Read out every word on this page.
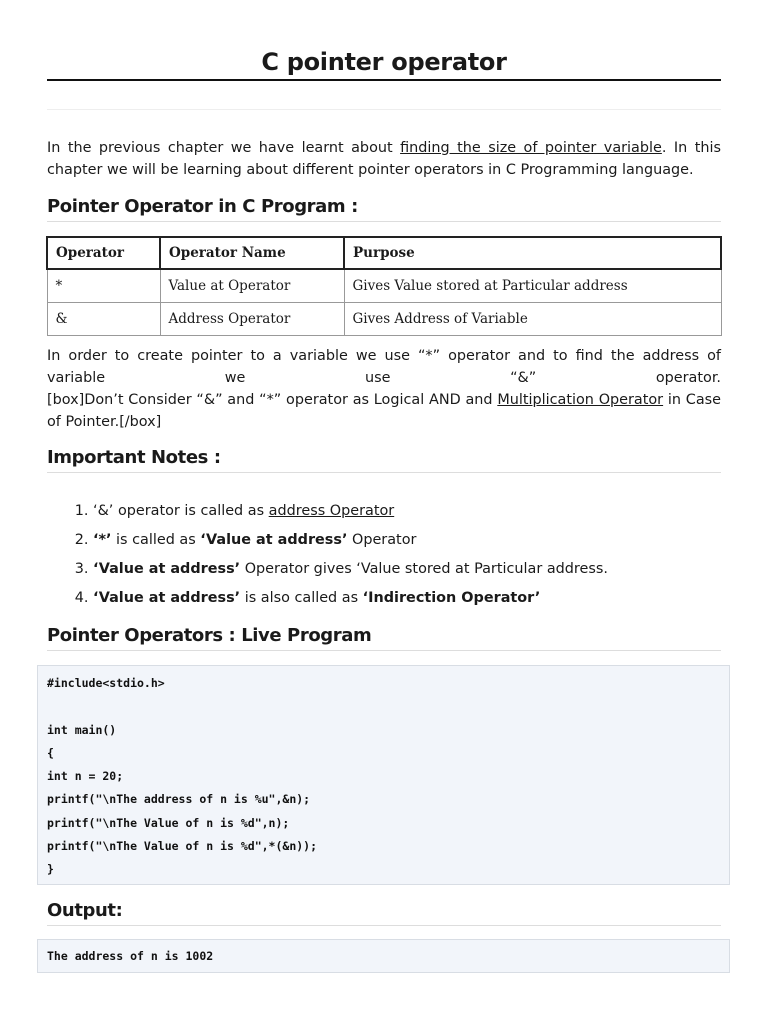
C pointer operator

In the previous chapter we have learnt about finding the size of pointer variable. In this chapter we will be learning about different pointer operators in C Programming language.

Pointer Operator in C Program :
Operator	Operator Name	Purpose
*	Value at Operator	Gives Value stored at Particular address
&	Address Operator	Gives Address of Variable

In order to create pointer to a variable we use “*” operator and to find the address of variable we use “&” operator.

[box]Don’t Consider “&” and “*” operator as Logical AND and Multiplication Operator in Case of Pointer.[/box]

Important Notes :
1. ‘&’ operator is called as address Operator
2. ‘*’ is called as ‘Value at address’ Operator
3. ‘Value at address’ Operator gives ‘Value stored at Particular address.
4. ‘Value at address’ is also called as ‘Indirection Operator’
Pointer Operators : Live Program
#include<stdio.h>
int main()
{
int n = 20;
printf("\nThe address of n is %u",&n);
printf("\nThe Value of n is %d",n);
printf("\nThe Value of n is %d",*(&n));
}
Output:
The address of n is 1002
